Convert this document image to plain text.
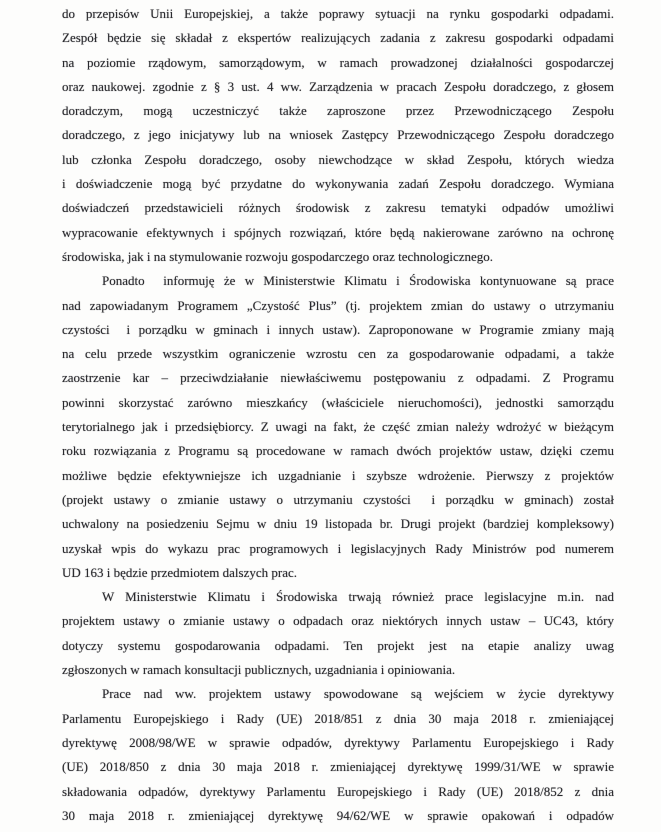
do przepisów Unii Europejskiej, a także poprawy sytuacji na rynku gospodarki odpadami.
Zespół będzie się składał z ekspertów realizujących zadania z zakresu gospodarki odpadami
na poziomie rządowym, samorządowym, w ramach prowadzonej działalności gospodarczej
oraz naukowej. zgodnie z § 3 ust. 4 ww. Zarządzenia w pracach Zespołu doradczego, z głosem
doradczym, mogą uczestniczyć także zaproszone przez Przewodniczącego Zespołu
doradczego, z jego inicjatywy lub na wniosek Zastępcy Przewodniczącego Zespołu doradczego
lub członka Zespołu doradczego, osoby niewchodzące w skład Zespołu, których wiedza
i doświadczenie mogą być przydatne do wykonywania zadań Zespołu doradczego. Wymiana
doświadczeń przedstawicieli różnych środowisk z zakresu tematyki odpadów umożliwi
wypracowanie efektywnych i spójnych rozwiązań, które będą nakierowane zarówno na ochronę
środowiska, jak i na stymulowanie rozwoju gospodarczego oraz technologicznego.
Ponadto  informuję że w Ministerstwie Klimatu i Środowiska kontynuowane są prace
nad zapowiadanym Programem „Czystość Plus” (tj. projektem zmian do ustawy o utrzymaniu
czystości  i porządku w gminach i innych ustaw). Zaproponowane w Programie zmiany mają
na celu przede wszystkim ograniczenie wzrostu cen za gospodarowanie odpadami, a także
zaostrzenie kar – przeciwdziałanie niewłaściwemu postępowaniu z odpadami. Z Programu
powinni skorzystać zarówno mieszkańcy (właściciele nieruchomości), jednostki samorządu
terytorialnego jak i przedsiębiorcy. Z uwagi na fakt, że część zmian należy wdrożyć w bieżącym
roku rozwiązania z Programu są procedowane w ramach dwóch projektów ustaw, dzięki czemu
możliwe będzie efektywniejsze ich uzgadnianie i szybsze wdrożenie. Pierwszy z projektów
(projekt ustawy o zmianie ustawy o utrzymaniu czystości  i porządku w gminach) został
uchwalony na posiedzeniu Sejmu w dniu 19 listopada br. Drugi projekt (bardziej kompleksowy)
uzyskał wpis do wykazu prac programowych i legislacyjnych Rady Ministrów pod numerem
UD 163 i będzie przedmiotem dalszych prac.
W Ministerstwie Klimatu i Środowiska trwają również prace legislacyjne m.in. nad
projektem ustawy o zmianie ustawy o odpadach oraz niektórych innych ustaw – UC43, który
dotyczy systemu gospodarowania odpadami. Ten projekt jest na etapie analizy uwag
zgłoszonych w ramach konsultacji publicznych, uzgadniania i opiniowania.
Prace nad ww. projektem ustawy spowodowane są wejściem w życie dyrektywy
Parlamentu Europejskiego i Rady (UE) 2018/851 z dnia 30 maja 2018 r. zmieniającej
dyrektywę 2008/98/WE w sprawie odpadów, dyrektywy Parlamentu Europejskiego i Rady
(UE) 2018/850 z dnia 30 maja 2018 r. zmieniającej dyrektywę 1999/31/WE w sprawie
składowania odpadów, dyrektywy Parlamentu Europejskiego i Rady (UE) 2018/852 z dnia
30 maja 2018 r. zmieniającej dyrektywę 94/62/WE w sprawie opakowań i odpadów
